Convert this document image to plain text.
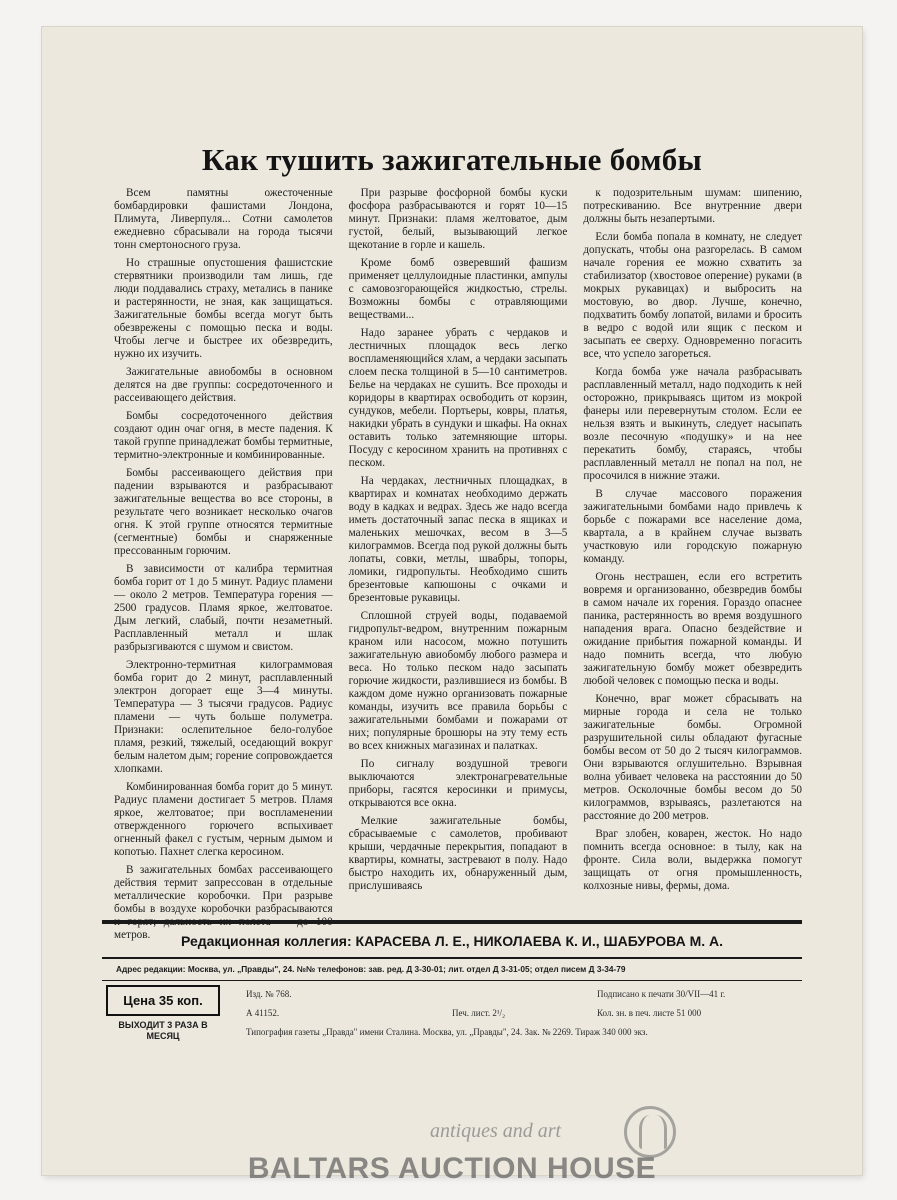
Как тушить зажигательные бомбы

Всем памятны ожесточенные бомбардировки фашистами Лондона, Плимута, Ливерпуля... Сотни самолетов ежедневно сбрасывали на города тысячи тонн смертоносного груза.

Но страшные опустошения фашистские стервятники производили там лишь, где люди поддавались страху, метались в панике и растерянности, не зная, как защищаться. Зажигательные бомбы всегда могут быть обезврежены с помощью песка и воды. Чтобы легче и быстрее их обезвредить, нужно их изучить.

Зажигательные авиобомбы в основном делятся на две группы: сосредоточенного и рассеивающего действия.

Бомбы сосредоточенного действия создают один очаг огня, в месте падения. К такой группе принадлежат бомбы термитные, термитно-электронные и комбинированные.

Бомбы рассеивающего действия при падении взрываются и разбрасывают зажигательные вещества во все стороны, в результате чего возникает несколько очагов огня. К этой группе относятся термитные (сегментные) бомбы и снаряженные прессованным горючим.

В зависимости от калибра термитная бомба горит от 1 до 5 минут. Радиус пламени — около 2 метров. Температура горения — 2500 градусов. Пламя яркое, желтоватое. Дым легкий, слабый, почти незаметный. Расплавленный металл и шлак разбрызгиваются с шумом и свистом.

Электронно-термитная килограммовая бомба горит до 2 минут, расплавленный электрон догорает еще 3—4 минуты. Температура — 3 тысячи градусов. Радиус пламени — чуть больше полуметра. Признаки: ослепительное бело-голубое пламя, резкий, тяжелый, оседающий вокруг белым налетом дым; горение сопровождается хлопками.

Комбинированная бомба горит до 5 минут. Радиус пламени достигает 5 метров. Пламя яркое, желтоватое; при воспламенении отвержденного горючего вспыхивает огненный факел с густым, черным дымом и копотью. Пахнет слегка керосином.

В зажигательных бомбах рассеивающего действия термит запрессован в отдельные металлические коробочки. При разрыве бомбы в воздухе коробочки разбрасываются метров.

При разрыве фосфорной бомбы куски фосфора разбрасываются и горят 10—15 минут. Признаки: пламя желтоватое, дым густой, белый, вызывающий легкое щекотание в горле и кашель.

Кроме бомб озверевший фашизм применяет целлулоидные пластинки, ампулы с самовозгорающейся жидкостью, стрелы. Возможны бомбы с отравляющими веществами...

Надо заранее убрать с чердаков и лестничных площадок весь легко воспламеняющийся хлам, а чердаки засыпать слоем песка толщиной в 5—10 сантиметров. Белье на чердаках не сушить. Все проходы и коридоры в квартирах освободить от корзин, сундуков, мебели. Портьеры, ковры, платья, накидки убрать в сундуки и шкафы. На окнах оставить только затемняющие шторы. Посуду с керосином хранить на противнях с песком.

На чердаках, лестничных площадках, в квартирах и комнатах необходимо держать воду в кадках и ведрах. Здесь же надо всегда иметь достаточный запас песка в ящиках и маленьких мешочках, весом в 3—5 килограммов. Всегда под рукой должны быть лопаты, совки, метлы, швабры, топоры, ломики, гидропульты. Необходимо сшить брезентовые капюшоны с очками и брезентовые рукавицы.

Сплошной струей воды, подаваемой гидропульт-ведром, внутренним пожарным краном или насосом, можно потушить зажигательную авиобомбу любого размера и веса. Но только песком надо засыпать горючие жидкости, разлившиеся из бомбы. В каждом доме нужно организовать пожарные команды, изучить все правила борьбы с зажигательными бомбами и пожарами от них; популярные брошюры на эту тему есть во всех книжных магазинах и палатках.

По сигналу воздушной тревоги выключаются электронагревательные приборы, гасятся керосинки и примусы, открываются все окна.

Мелкие зажигательные бомбы, сбрасываемые с самолетов, пробивают крыши, чердачные перекрытия, попадают в квартиры, комнаты, застревают в полу. Надо быстро находить их, обнаруженный дым, прислушиваясь

к подозрительным шумам: шипению, потрескиванию. Все внутренние двери должны быть незапертыми.

Если бомба попала в комнату, не следует допускать, чтобы она разгорелась. В самом начале горения ее можно схватить за стабилизатор (хвостовое оперение) руками (в мокрых рукавицах) и выбросить на мостовую, во двор. Лучше, конечно, подхватить бомбу лопатой, вилами и бросить в ведро с водой или ящик с песком и засыпать ее сверху. Одновременно погасить все, что успело загореться.

Когда бомба уже начала разбрасывать расплавленный металл, надо подходить к ней осторожно, прикрываясь щитом из мокрой фанеры или перевернутым столом. Если ее нельзя взять и выкинуть, следует насыпать возле песочную «подушку» и на нее перекатить бомбу, стараясь, чтобы расплавленный металл не попал на пол, не просочился в нижние этажи.

В случае массового поражения зажигательными бомбами надо привлечь к борьбе с пожарами все население дома, квартала, а в крайнем случае вызвать участковую или городскую пожарную команду.

Огонь нестрашен, если его встретить вовремя и организованно, обезвредив бомбы в самом начале их горения. Гораздо опаснее паника, растерянность во время воздушного нападения врага. Опасно бездействие и ожидание прибытия пожарной команды. И надо помнить всегда, что любую зажигательную бомбу может обезвредить любой человек с помощью песка и воды.

Конечно, враг может сбрасывать на мирные города и села не только зажигательные бомбы. Огромной разрушительной силы обладают фугасные бомбы весом от 50 до 2 тысяч килограммов. Они взрываются оглушительно. Взрывная волна убивает человека на расстоянии до 50 метров. Осколочные бомбы весом до 50 килограммов, взрываясь, разлетаются на расстояние до 200 метров.

Враг злобен, коварен, жесток. Но надо помнить всегда основное: в тылу, как на фронте. Сила воли, выдержка помогут защищать от огня промышленность, колхозные нивы, фермы, дома.

Редакционная коллегия: КАРАСЕВА Л. Е., НИКОЛАЕВА К. И., ШАБУРОВА М. А.
Адрес редакции: Москва, ул. „Правды", 24. №№ телефонов: зав. ред. Д 3-30-01; лит. отдел Д 3-31-05; отдел писем Д 3-34-79
Цена 35 коп.
ВЫХОДИТ 3 РАЗА В МЕСЯЦ
Изд. № 768.	Подписано к печати 30/VII—41 г.
А 41152.	Печ. лист. 2¹/₂	Кол. зн. в печ. листе 51 000
Типография газеты „Правда" имени Сталина. Москва, ул. „Правды", 24. Зак. № 2269. Тираж 340 000 экз.
antiques and art
BALTARS AUCTION HOUSE
